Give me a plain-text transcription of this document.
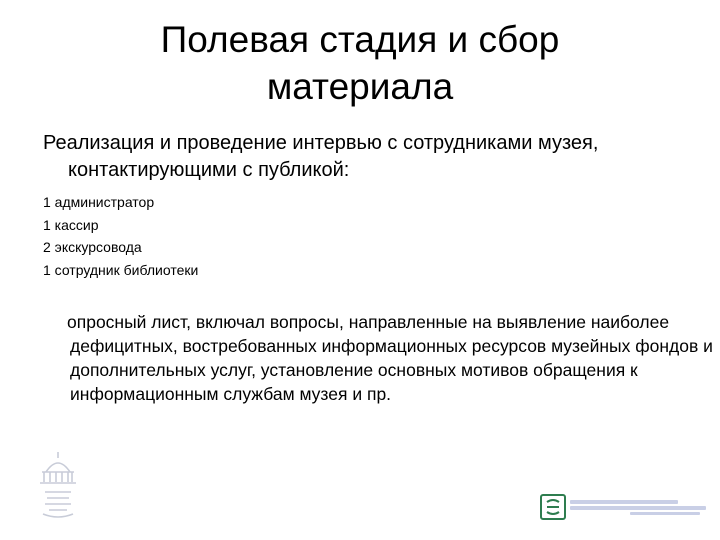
Полевая стадия и сбор
материала
Реализация и проведение интервью с сотрудниками музея, контактирующими с публикой:
1 администратор
1 кассир
2 экскурсовода
1 сотрудник библиотеки
опросный лист, включал вопросы, направленные на выявление наиболее дефицитных, востребованных информационных ресурсов музейных фондов и дополнительных услуг, установление основных мотивов обращения к информационным службам музея и пр.
